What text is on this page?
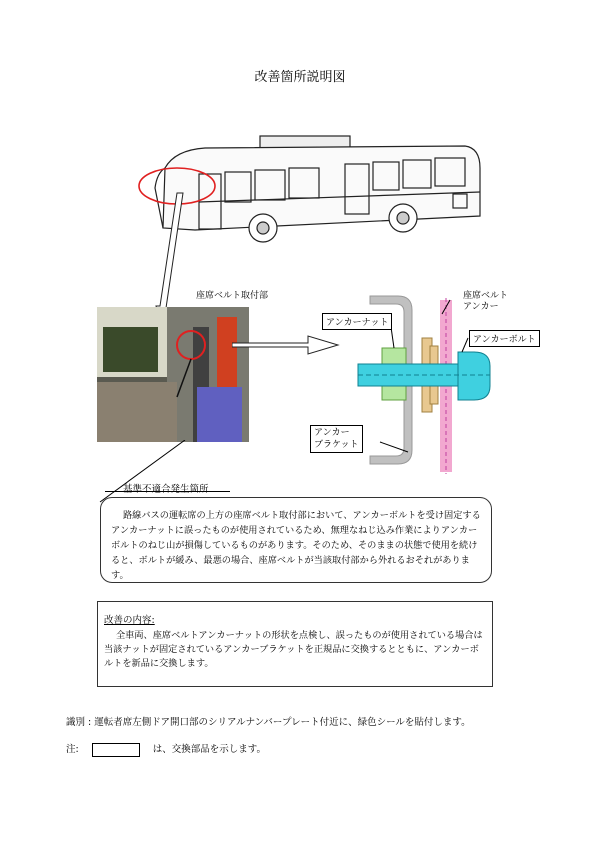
改善箇所説明図
座席ベルト取付部	座席ベルト
アンカー
アンカーナット
アンカーボルト
アンカー
ブラケット
基準不適合発生箇所

路線バスの運転席の上方の座席ベルト取付部において、アンカーボルトを受け固定するアンカーナットに誤ったものが使用されているため、無理なねじ込み作業によりアンカーボルトのねじ山が損傷しているものがあります。そのため、そのままの状態で使用を続けると、ボルトが緩み、最悪の場合、座席ベルトが当該取付部から外れるおそれがあります。

改善の内容:

全車両、座席ベルトアンカーナットの形状を点検し、誤ったものが使用されている場合は当該ナットが固定されているアンカーブラケットを正規品に交換するとともに、アンカーボルトを新品に交換します。

識別 : 運転者席左側ドア開口部のシリアルナンバープレート付近に、緑色シールを貼付します。
注:	は、交換部品を示します。
